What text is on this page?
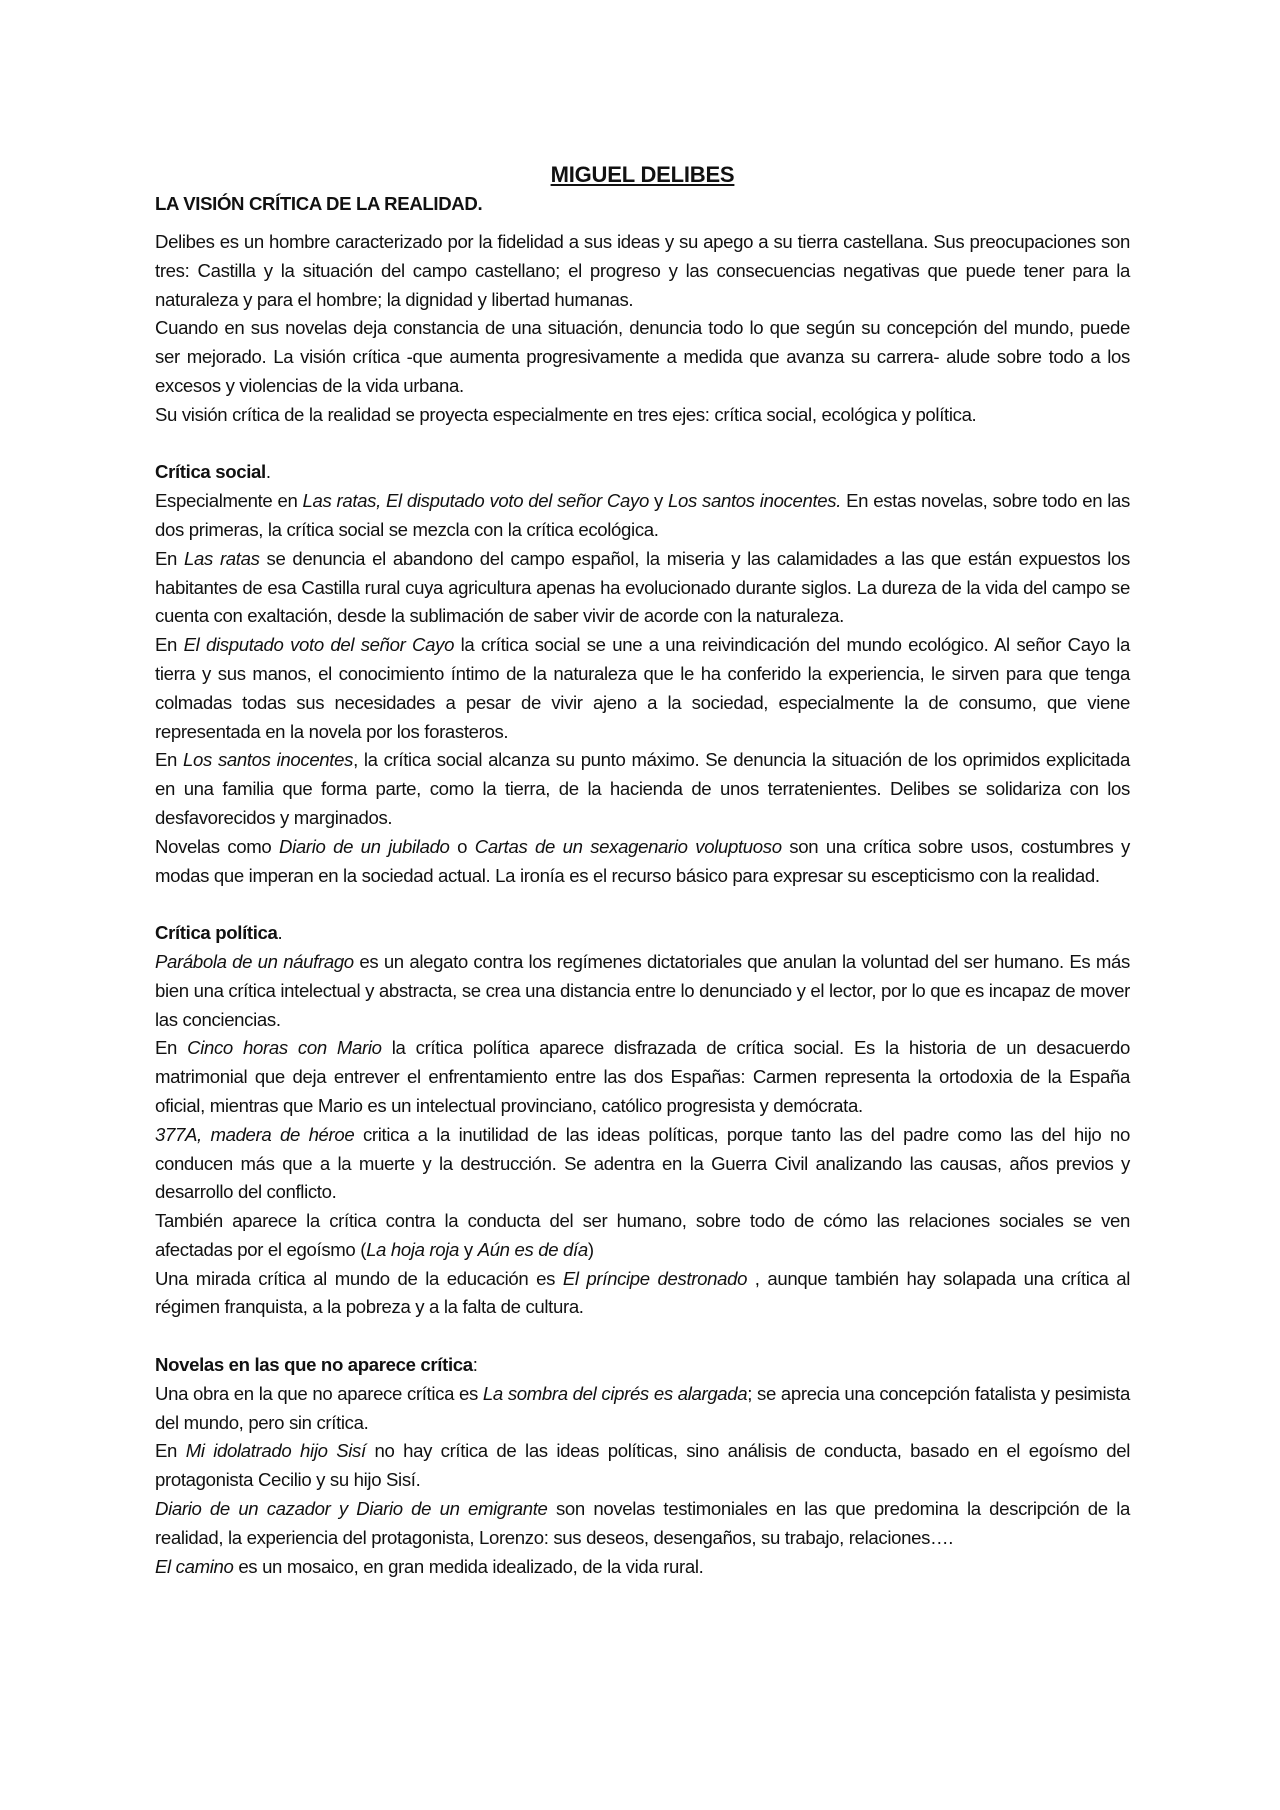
MIGUEL DELIBES
LA VISIÓN CRÍTICA DE LA REALIDAD.

Delibes es un hombre caracterizado por la fidelidad a sus ideas y su apego a su tierra castellana. Sus preocupaciones son tres: Castilla y la situación del campo castellano; el progreso y las consecuencias negativas que puede tener para la naturaleza y para el hombre; la dignidad y libertad humanas.

Cuando en sus novelas deja constancia de una situación, denuncia todo lo que según su concepción del mundo, puede ser mejorado. La visión crítica -que aumenta progresivamente a medida que avanza su carrera- alude sobre todo a los excesos y violencias de la vida urbana.

Su visión crítica de la realidad se proyecta especialmente en tres ejes: crítica social, ecológica y política.

Crítica social.

Especialmente en Las ratas, El disputado voto del señor Cayo y Los santos inocentes. En estas novelas, sobre todo en las dos primeras, la crítica social se mezcla con la crítica ecológica.

En Las ratas se denuncia el abandono del campo español, la miseria y las calamidades a las que están expuestos los habitantes de esa Castilla rural cuya agricultura apenas ha evolucionado durante siglos. La dureza de la vida del campo se cuenta con exaltación, desde la sublimación de saber vivir de acorde con la naturaleza.

En El disputado voto del señor Cayo la crítica social se une a una reivindicación del mundo ecológico. Al señor Cayo la tierra y sus manos, el conocimiento íntimo de la naturaleza que le ha conferido la experiencia, le sirven para que tenga colmadas todas sus necesidades a pesar de vivir ajeno a la sociedad, especialmente la de consumo, que viene representada en la novela por los forasteros.

En Los santos inocentes, la crítica social alcanza su punto máximo. Se denuncia la situación de los oprimidos explicitada en una familia que forma parte, como la tierra, de la hacienda de unos terratenientes. Delibes se solidariza con los desfavorecidos y marginados.

Novelas como Diario de un jubilado o Cartas de un sexagenario voluptuoso son una crítica sobre usos, costumbres y modas que imperan en la sociedad actual. La ironía es el recurso básico para expresar su escepticismo con la realidad.

Crítica política.

Parábola de un náufrago es un alegato contra los regímenes dictatoriales que anulan la voluntad del ser humano. Es más bien una crítica intelectual y abstracta, se crea una distancia entre lo denunciado y el lector, por lo que es incapaz de mover las conciencias.

En Cinco horas con Mario la crítica política aparece disfrazada de crítica social. Es la historia de un desacuerdo matrimonial que deja entrever el enfrentamiento entre las dos Españas: Carmen representa la ortodoxia de la España oficial, mientras que Mario es un intelectual provinciano, católico progresista y demócrata.

377A, madera de héroe critica a la inutilidad de las ideas políticas, porque tanto las del padre como las del hijo no conducen más que a la muerte y la destrucción. Se adentra en la Guerra Civil analizando las causas, años previos y desarrollo del conflicto.

También aparece la crítica contra la conducta del ser humano, sobre todo de cómo las relaciones sociales se ven afectadas por el egoísmo (La hoja roja y Aún es de día)

Una mirada crítica al mundo de la educación es El príncipe destronado , aunque también hay solapada una crítica al régimen franquista, a la pobreza y a la falta de cultura.

Novelas en las que no aparece crítica:

Una obra en la que no aparece crítica es La sombra del ciprés es alargada; se aprecia una concepción fatalista y pesimista del mundo, pero sin crítica.

En Mi idolatrado hijo Sisí no hay crítica de las ideas políticas, sino análisis de conducta, basado en el egoísmo del protagonista Cecilio y su hijo Sisí.

Diario de un cazador y Diario de un emigrante son novelas testimoniales en las que predomina la descripción de la realidad, la experiencia del protagonista, Lorenzo: sus deseos, desengaños, su trabajo, relaciones….

El camino es un mosaico, en gran medida idealizado, de la vida rural.
